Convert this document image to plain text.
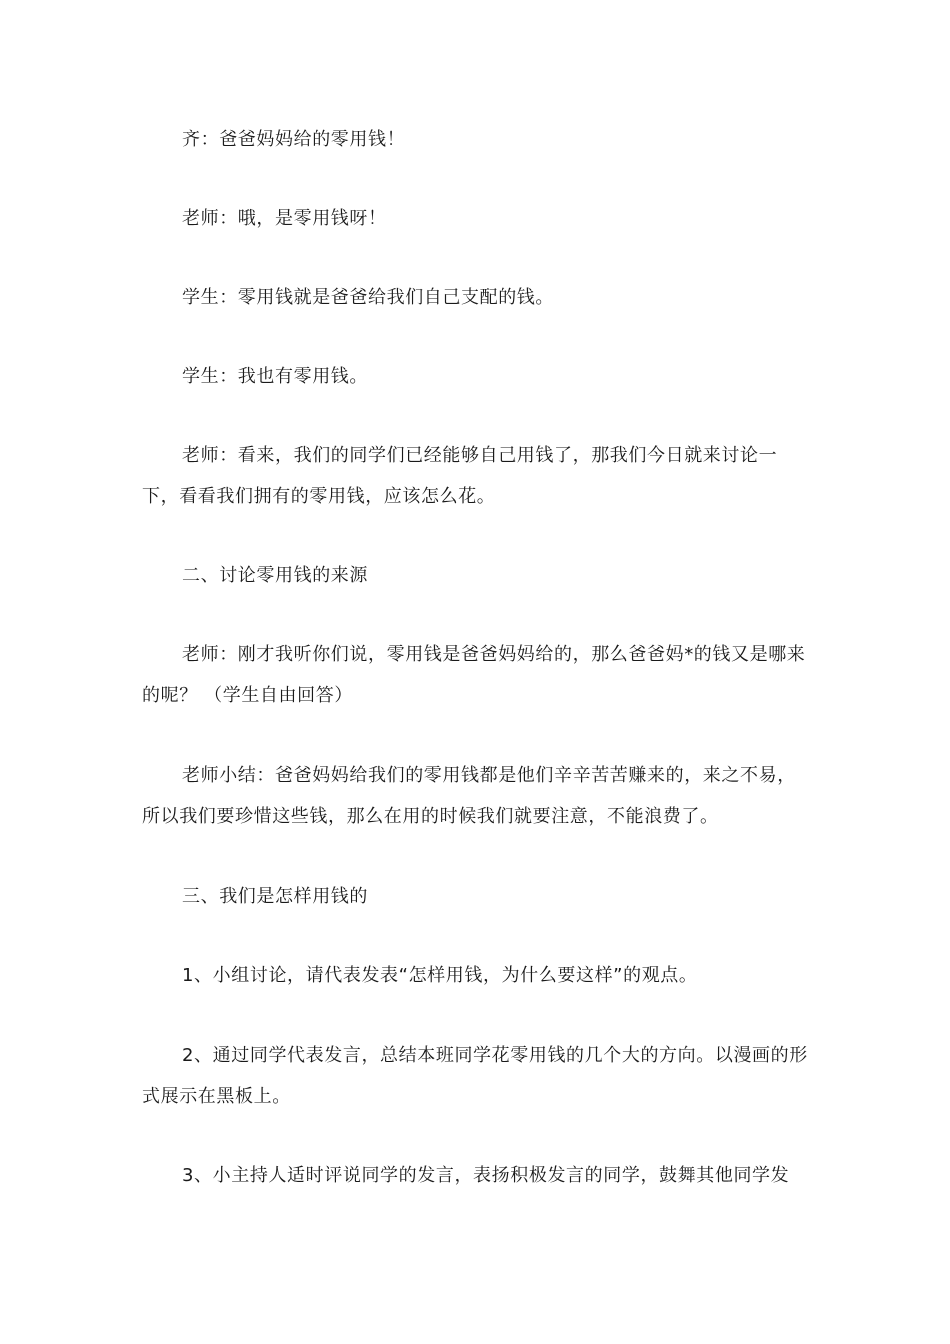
齐：爸爸妈妈给的零用钱！

老师：哦，是零用钱呀！

学生：零用钱就是爸爸给我们自己支配的钱。

学生：我也有零用钱。

老师：看来，我们的同学们已经能够自己用钱了，那我们今日就来讨论一下，看看我们拥有的零用钱，应该怎么花。

二、讨论零用钱的来源

老师：刚才我听你们说，零用钱是爸爸妈妈给的，那么爸爸妈*的钱又是哪来的呢？ （学生自由回答）

老师小结：爸爸妈妈给我们的零用钱都是他们辛辛苦苦赚来的，来之不易，所以我们要珍惜这些钱，那么在用的时候我们就要注意，不能浪费了。

三、我们是怎样用钱的

1、小组讨论，请代表发表“怎样用钱，为什么要这样”的观点。

2、通过同学代表发言，总结本班同学花零用钱的几个大的方向。以漫画的形式展示在黑板上。

3、小主持人适时评说同学的发言，表扬积极发言的同学，鼓舞其他同学发
